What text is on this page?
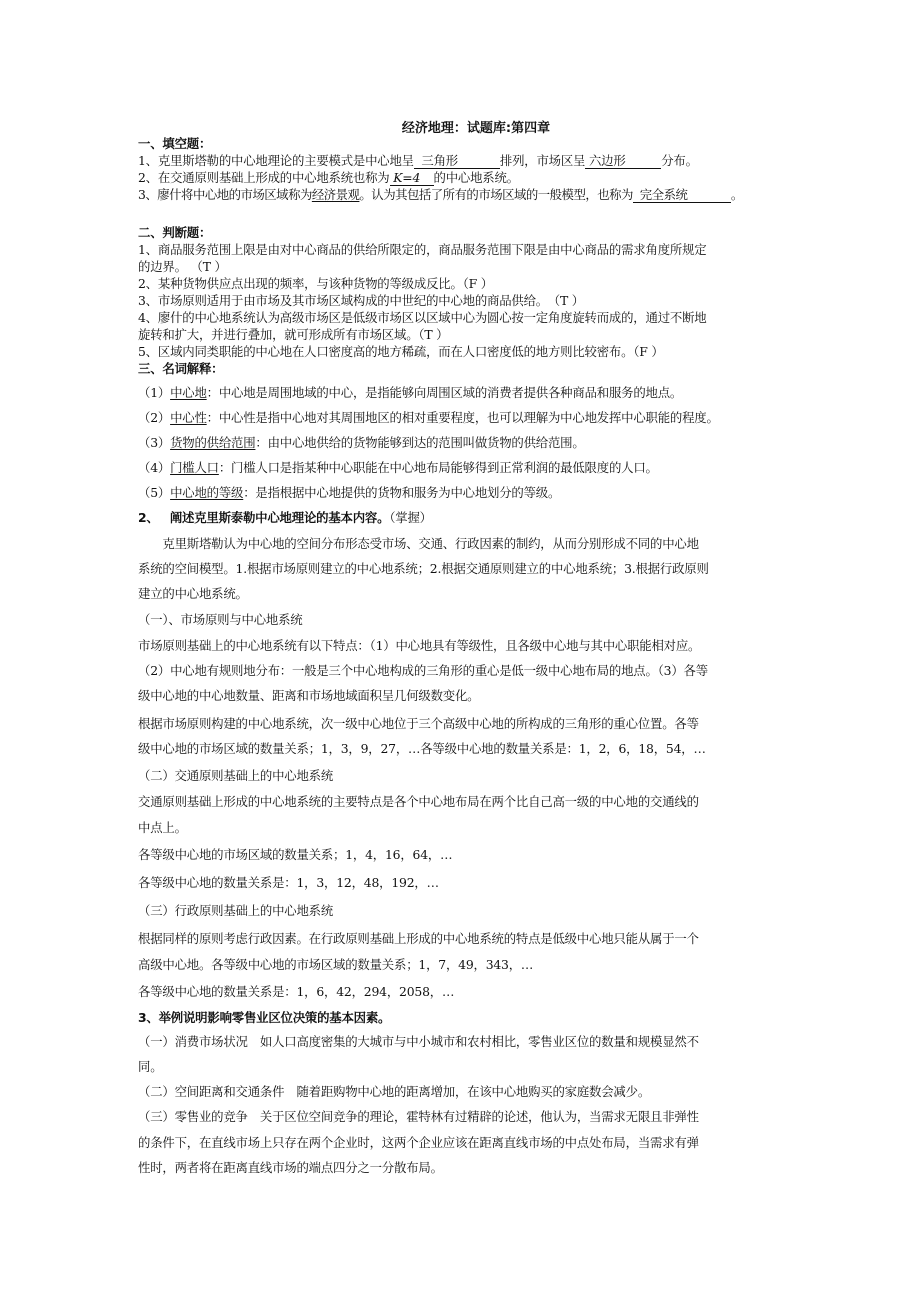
经济地理：试题库:第四章
一、填空题：
1、克里斯塔勒的中心地理论的主要模式是中心地呈 三角形	排列，市场区呈 六边形	分布。
2、在交通原则基础上形成的中心地系统也称为 K=4 的中心地系统。
3、廖什将中心地的市场区域称为经济景观。认为其包括了所有的市场区域的一般模型，也称为 完全系统	。
二、判断题：
1、商品服务范围上限是由对中心商品的供给所限定的，商品服务范围下限是由中心商品的需求角度所规定
的边界。 （T ）
2、某种货物供应点出现的频率，与该种货物的等级成反比。（F ）
3、市场原则适用于由市场及其市场区域构成的中世纪的中心地的商品供给。　（T ）
4、廖什的中心地系统认为高级市场区是低级市场区以区域中心为圆心按一定角度旋转而成的，通过不断地
旋转和扩大，并进行叠加，就可形成所有市场区域。（T ）
5、区域内同类职能的中心地在人口密度高的地方稀疏，而在人口密度低的地方则比较密布。（F ）
三、名词解释：
（1）中心地：中心地是周围地域的中心，是指能够向周围区域的消费者提供各种商品和服务的地点。
（2）中心性：中心性是指中心地对其周围地区的相对重要程度，也可以理解为中心地发挥中心职能的程度。
（3）货物的供给范围：由中心地供给的货物能够到达的范围叫做货物的供给范围。
（4）门槛人口：门槛人口是指某种中心职能在中心地布局能够得到正常利润的最低限度的人口。
（5）中心地的等级：是指根据中心地提供的货物和服务为中心地划分的等级。
2、 阐述克里斯泰勒中心地理论的基本内容。（掌握）
　　克里斯塔勒认为中心地的空间分布形态受市场、交通、行政因素的制约，从而分别形成不同的中心地
系统的空间模型。1.根据市场原则建立的中心地系统；2.根据交通原则建立的中心地系统；3.根据行政原则
建立的中心地系统。
（一）、市场原则与中心地系统
市场原则基础上的中心地系统有以下特点：（1）中心地具有等级性，且各级中心地与其中心职能相对应。
（2）中心地有规则地分布：一般是三个中心地构成的三角形的重心是低一级中心地布局的地点。（3）各等
级中心地的中心地数量、距离和市场地域面积呈几何级数变化。
根据市场原则构建的中心地系统，次一级中心地位于三个高级中心地的所构成的三角形的重心位置。各等
级中心地的市场区域的数量关系；1，3，9，27，…各等级中心地的数量关系是：1，2，6，18，54，…
（二）交通原则基础上的中心地系统
交通原则基础上形成的中心地系统的主要特点是各个中心地布局在两个比自己高一级的中心地的交通线的
中点上。
各等级中心地的市场区域的数量关系；1，4，16，64，…
各等级中心地的数量关系是：1，3，12，48，192，…
（三）行政原则基础上的中心地系统
根据同样的原则考虑行政因素。在行政原则基础上形成的中心地系统的特点是低级中心地只能从属于一个
高级中心地。各等级中心地的市场区域的数量关系；1，7，49，343，…
各等级中心地的数量关系是：1，6，42，294，2058，…
3、举例说明影响零售业区位决策的基本因素。
（一）消费市场状况　如人口高度密集的大城市与中小城市和农村相比，零售业区位的数量和规模显然不
同。
（二）空间距离和交通条件　随着距购物中心地的距离增加，在该中心地购买的家庭数会减少。
（三）零售业的竞争　关于区位空间竞争的理论，霍特林有过精辟的论述，他认为，当需求无限且非弹性
的条件下，在直线市场上只存在两个企业时，这两个企业应该在距离直线市场的中点处布局，当需求有弹
性时，两者将在距离直线市场的端点四分之一分散布局。
